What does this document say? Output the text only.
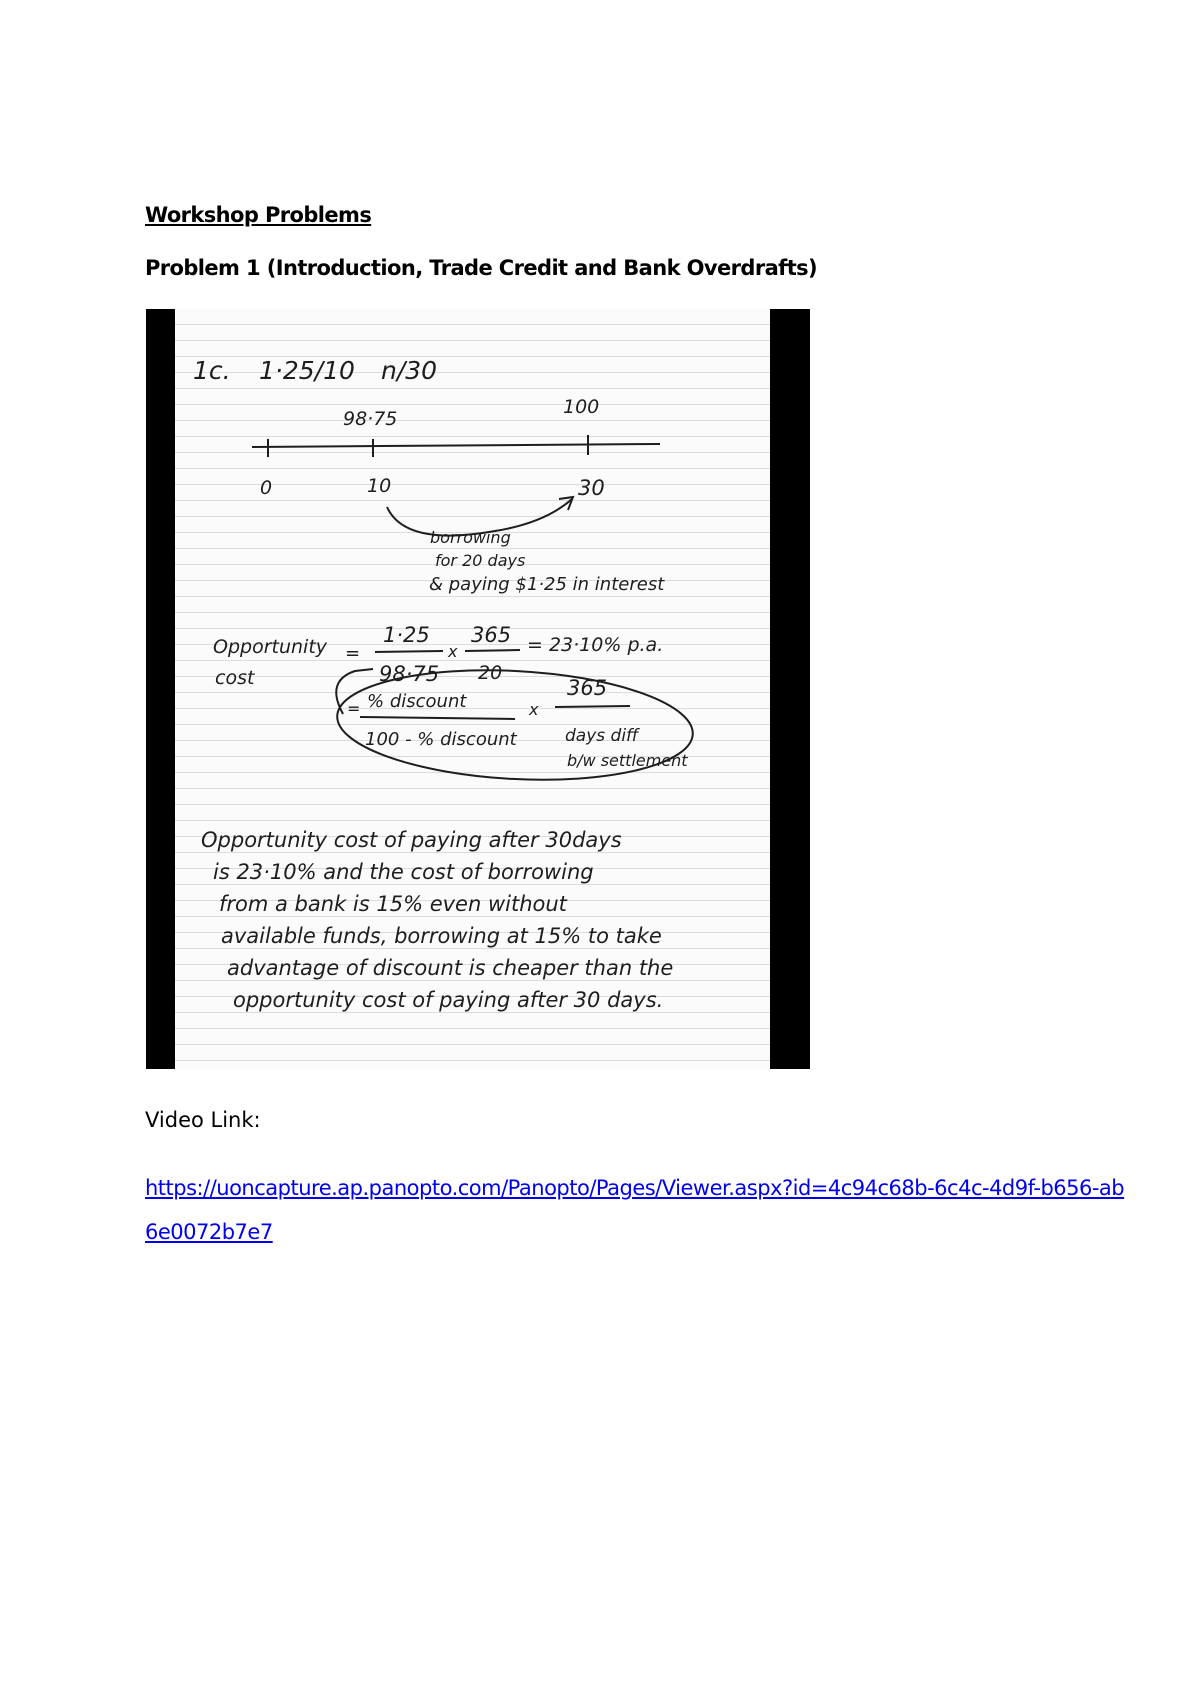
Workshop Problems
Problem 1 (Introduction, Trade Credit and Bank Overdrafts)
1c. 1·25/10 n/30
98·75
100
0	10	30
borrowing
for 20 days
& paying $1·25 in interest
Opportunity
cost
=
1·25
98·75
x
365
20
= 23·10% p.a.
= % discount
100 - % discount
x
365
days diff
b/w settlement
Opportunity cost of paying after 30days
is 23·10% and the cost of borrowing
from a bank is 15% even without
available funds, borrowing at 15% to take
advantage of discount is cheaper than the
opportunity cost of paying after 30 days.
Video Link:
https://uoncapture.ap.panopto.com/Panopto/Pages/Viewer.aspx?id=4c94c68b-6c4c-4d9f-b656-ab6e0072b7e7
